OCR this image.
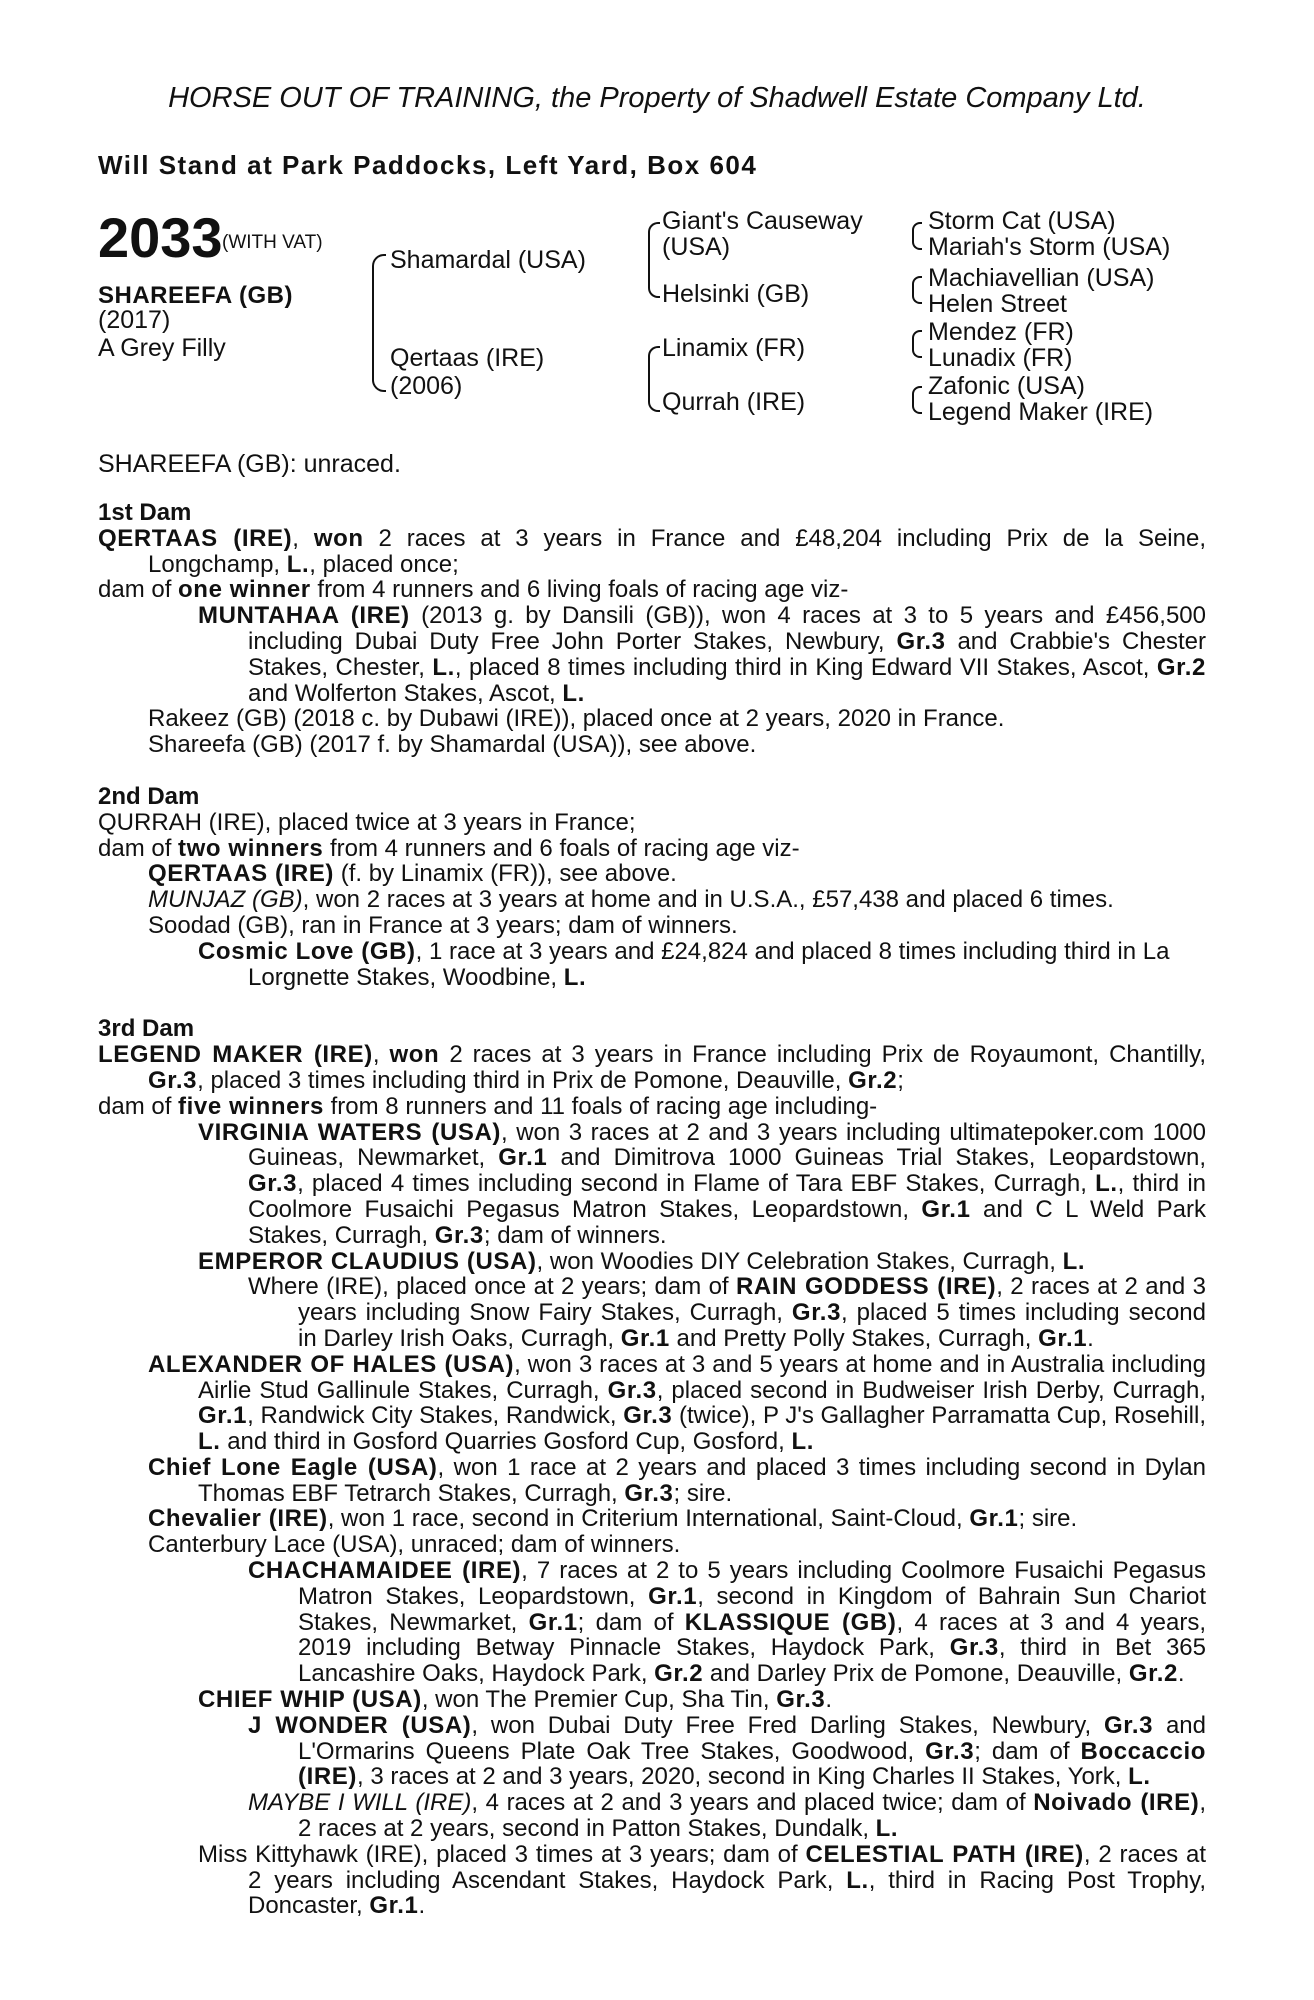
HORSE OUT OF TRAINING, the Property of Shadwell Estate Company Ltd.
Will Stand at Park Paddocks, Left Yard, Box 604
2033 (WITH VAT)
SHAREEFA (GB)
(2017)
A Grey Filly
Shamardal (USA)
Qertaas (IRE)
(2006)
Giant's Causeway
(USA)
Helsinki (GB)
Linamix (FR)
Qurrah (IRE)
Storm Cat (USA)
Mariah's Storm (USA)
Machiavellian (USA)
Helen Street
Mendez (FR)
Lunadix (FR)
Zafonic (USA)
Legend Maker (IRE)
SHAREEFA (GB): unraced.

1st Dam

QERTAAS (IRE), won 2 races at 3 years in France and £48,204 including Prix de la Seine, Longchamp, L., placed once;

dam of one winner from 4 runners and 6 living foals of racing age viz-

MUNTAHAA (IRE) (2013 g. by Dansili (GB)), won 4 races at 3 to 5 years and £456,500 including Dubai Duty Free John Porter Stakes, Newbury, Gr.3 and Crabbie's Chester Stakes, Chester, L., placed 8 times including third in King Edward VII Stakes, Ascot, Gr.2 and Wolferton Stakes, Ascot, L.

Rakeez (GB) (2018 c. by Dubawi (IRE)), placed once at 2 years, 2020 in France.

Shareefa (GB) (2017 f. by Shamardal (USA)), see above.

2nd Dam

QURRAH (IRE), placed twice at 3 years in France;

dam of two winners from 4 runners and 6 foals of racing age viz-

QERTAAS (IRE) (f. by Linamix (FR)), see above.

MUNJAZ (GB), won 2 races at 3 years at home and in U.S.A., £57,438 and placed 6 times.

Soodad (GB), ran in France at 3 years; dam of winners.

Cosmic Love (GB), 1 race at 3 years and £24,824 and placed 8 times including third in La Lorgnette Stakes, Woodbine, L.

3rd Dam

LEGEND MAKER (IRE), won 2 races at 3 years in France including Prix de Royaumont, Chantilly, Gr.3, placed 3 times including third in Prix de Pomone, Deauville, Gr.2;

dam of five winners from 8 runners and 11 foals of racing age including-

VIRGINIA WATERS (USA), won 3 races at 2 and 3 years including ultimatepoker.com 1000 Guineas, Newmarket, Gr.1 and Dimitrova 1000 Guineas Trial Stakes, Leopardstown, Gr.3, placed 4 times including second in Flame of Tara EBF Stakes, Curragh, L., third in Coolmore Fusaichi Pegasus Matron Stakes, Leopardstown, Gr.1 and C L Weld Park Stakes, Curragh, Gr.3; dam of winners.

EMPEROR CLAUDIUS (USA), won Woodies DIY Celebration Stakes, Curragh, L.

Where (IRE), placed once at 2 years; dam of RAIN GODDESS (IRE), 2 races at 2 and 3 years including Snow Fairy Stakes, Curragh, Gr.3, placed 5 times including second in Darley Irish Oaks, Curragh, Gr.1 and Pretty Polly Stakes, Curragh, Gr.1.

ALEXANDER OF HALES (USA), won 3 races at 3 and 5 years at home and in Australia including Airlie Stud Gallinule Stakes, Curragh, Gr.3, placed second in Budweiser Irish Derby, Curragh, Gr.1, Randwick City Stakes, Randwick, Gr.3 (twice), P J's Gallagher Parramatta Cup, Rosehill, L. and third in Gosford Quarries Gosford Cup, Gosford, L.

Chief Lone Eagle (USA), won 1 race at 2 years and placed 3 times including second in Dylan Thomas EBF Tetrarch Stakes, Curragh, Gr.3; sire.

Chevalier (IRE), won 1 race, second in Criterium International, Saint-Cloud, Gr.1; sire.

Canterbury Lace (USA), unraced; dam of winners.

CHACHAMAIDEE (IRE), 7 races at 2 to 5 years including Coolmore Fusaichi Pegasus Matron Stakes, Leopardstown, Gr.1, second in Kingdom of Bahrain Sun Chariot Stakes, Newmarket, Gr.1; dam of KLASSIQUE (GB), 4 races at 3 and 4 years, 2019 including Betway Pinnacle Stakes, Haydock Park, Gr.3, third in Bet 365 Lancashire Oaks, Haydock Park, Gr.2 and Darley Prix de Pomone, Deauville, Gr.2.

CHIEF WHIP (USA), won The Premier Cup, Sha Tin, Gr.3.

J WONDER (USA), won Dubai Duty Free Fred Darling Stakes, Newbury, Gr.3 and L'Ormarins Queens Plate Oak Tree Stakes, Goodwood, Gr.3; dam of Boccaccio (IRE), 3 races at 2 and 3 years, 2020, second in King Charles II Stakes, York, L.

MAYBE I WILL (IRE), 4 races at 2 and 3 years and placed twice; dam of Noivado (IRE), 2 races at 2 years, second in Patton Stakes, Dundalk, L.

Miss Kittyhawk (IRE), placed 3 times at 3 years; dam of CELESTIAL PATH (IRE), 2 races at 2 years including Ascendant Stakes, Haydock Park, L., third in Racing Post Trophy, Doncaster, Gr.1.
